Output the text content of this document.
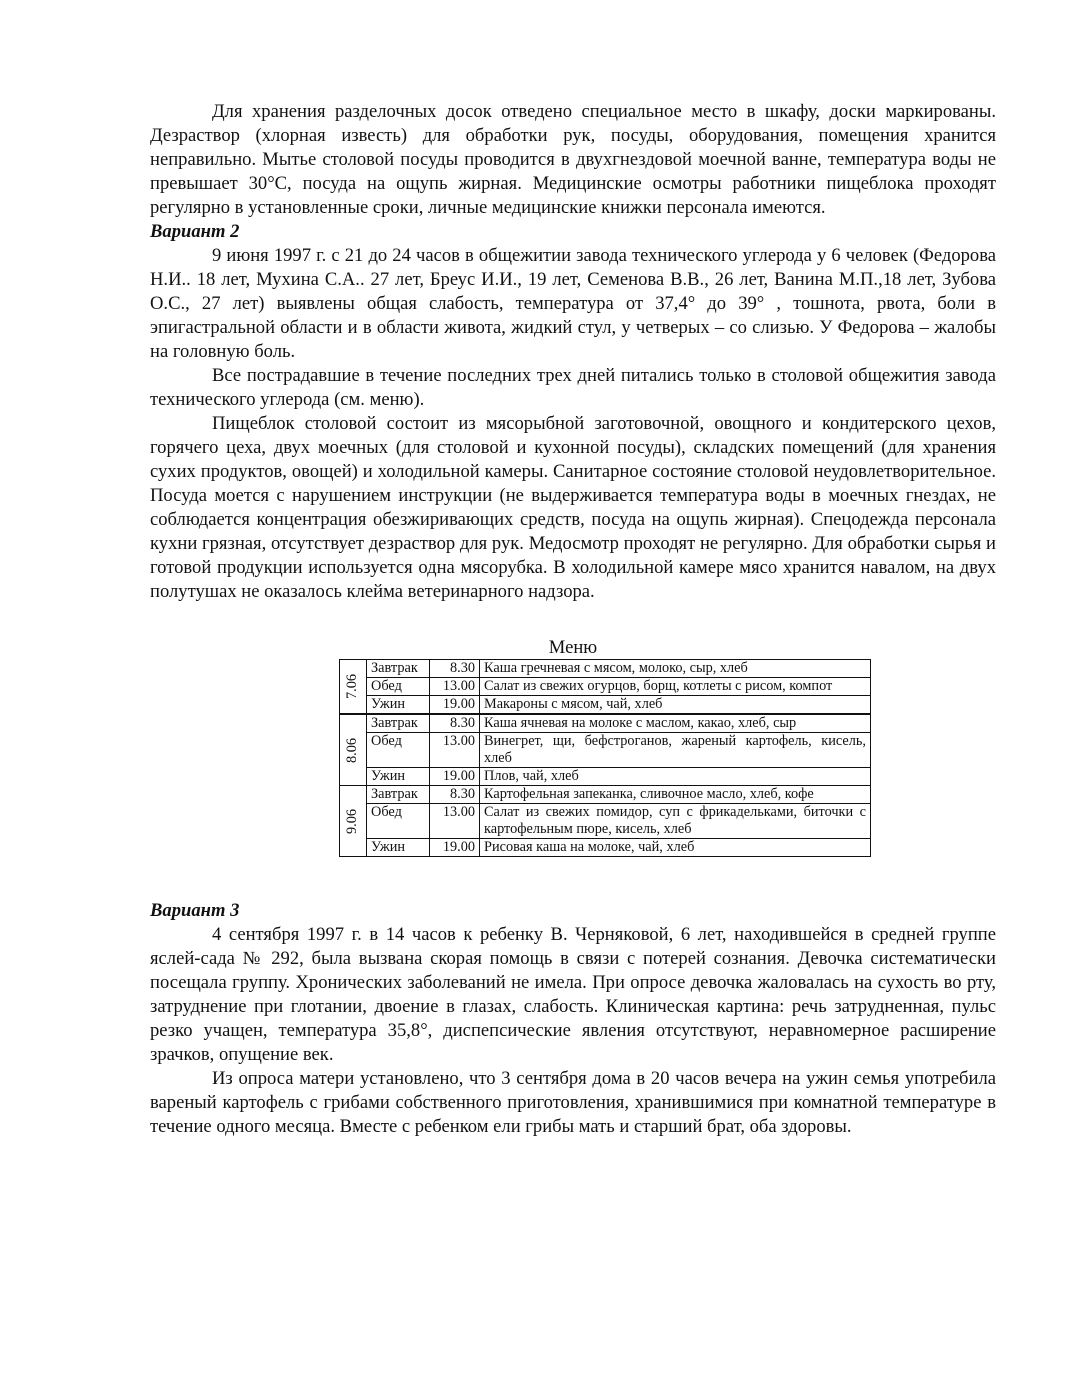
Для хранения разделочных досок отведено специальное место в шкафу, доски маркированы. Дезраствор (хлорная известь) для обработки рук, посуды, оборудования, помещения хранится неправильно. Мытье столовой посуды проводится в двухгнездовой моечной ванне, температура воды не превышает 30°С, посуда на ощупь жирная. Медицинские осмотры работники пищеблока проходят регулярно в установленные сроки, личные медицинские книжки персонала имеются.

Вариант 2

9 июня 1997 г. с 21 до 24 часов в общежитии завода технического углерода у 6 человек (Федорова Н.И.. 18 лет, Мухина С.А.. 27 лет, Бреус И.И., 19 лет, Семенова В.В., 26 лет, Ванина М.П.,18 лет, Зубова О.С., 27 лет) выявлены общая слабость, температура от 37,4° до 39° , тошнота, рвота, боли в эпигастральной области и в области живота, жидкий стул, у четверых – со слизью. У Федорова – жалобы на головную боль.

Все пострадавшие в течение последних трех дней питались только в столовой общежития завода технического углерода (см. меню).

Пищеблок столовой состоит из мясорыбной заготовочной, овощного и кондитерского цехов, горячего цеха, двух моечных (для столовой и кухонной посуды), складских помещений (для хранения сухих продуктов, овощей) и холодильной камеры. Санитарное состояние столовой неудовлетворительное. Посуда моется с нарушением инструкции (не выдерживается температура воды в моечных гнездах, не соблюдается концентрация обезжиривающих средств, посуда на ощупь жирная). Спецодежда персонала кухни грязная, отсутствует дезраствор для рук. Медосмотр проходят не регулярно. Для обработки сырья и готовой продукции используется одна мясорубка. В холодильной камере мясо хранится навалом, на двух полутушах не оказалось клейма ветеринарного надзора.

Меню
7.06	Завтрак	8.30	Каша гречневая с мясом, молоко, сыр, хлеб
	Обед	13.00	Салат из свежих огурцов, борщ, котлеты с рисом, компот
	Ужин	19.00	Макароны с мясом, чай, хлеб
8.06	Завтрак	8.30	Каша ячневая на молоке с маслом, какао, хлеб, сыр
	Обед	13.00	Винегрет, щи, бефстроганов, жареный картофель, кисель, хлеб
	Ужин	19.00	Плов, чай, хлеб
9.06	Завтрак	8.30	Картофельная запеканка, сливочное масло, хлеб, кофе
	Обед	13.00	Салат из свежих помидор, суп с фрикадельками, биточки с картофельным пюре, кисель, хлеб
	Ужин	19.00	Рисовая каша на молоке, чай, хлеб

Вариант 3

4 сентября 1997 г. в 14 часов к ребенку В. Черняковой, 6 лет, находившейся в средней группе яслей-сада № 292, была вызвана скорая помощь в связи с потерей сознания. Девочка систематически посещала группу. Хронических заболеваний не имела. При опросе девочка жаловалась на сухость во рту, затруднение при глотании, двоение в глазах, слабость. Клиническая картина: речь затрудненная, пульс резко учащен, температура 35,8°, диспепсические явления отсутствуют, неравномерное расширение зрачков, опущение век.

Из опроса матери установлено, что 3 сентября дома в 20 часов вечера на ужин семья употребила вареный картофель с грибами собственного приготовления, хранившимися при комнатной температуре в течение одного месяца. Вместе с ребенком ели грибы мать и старший брат, оба здоровы.
